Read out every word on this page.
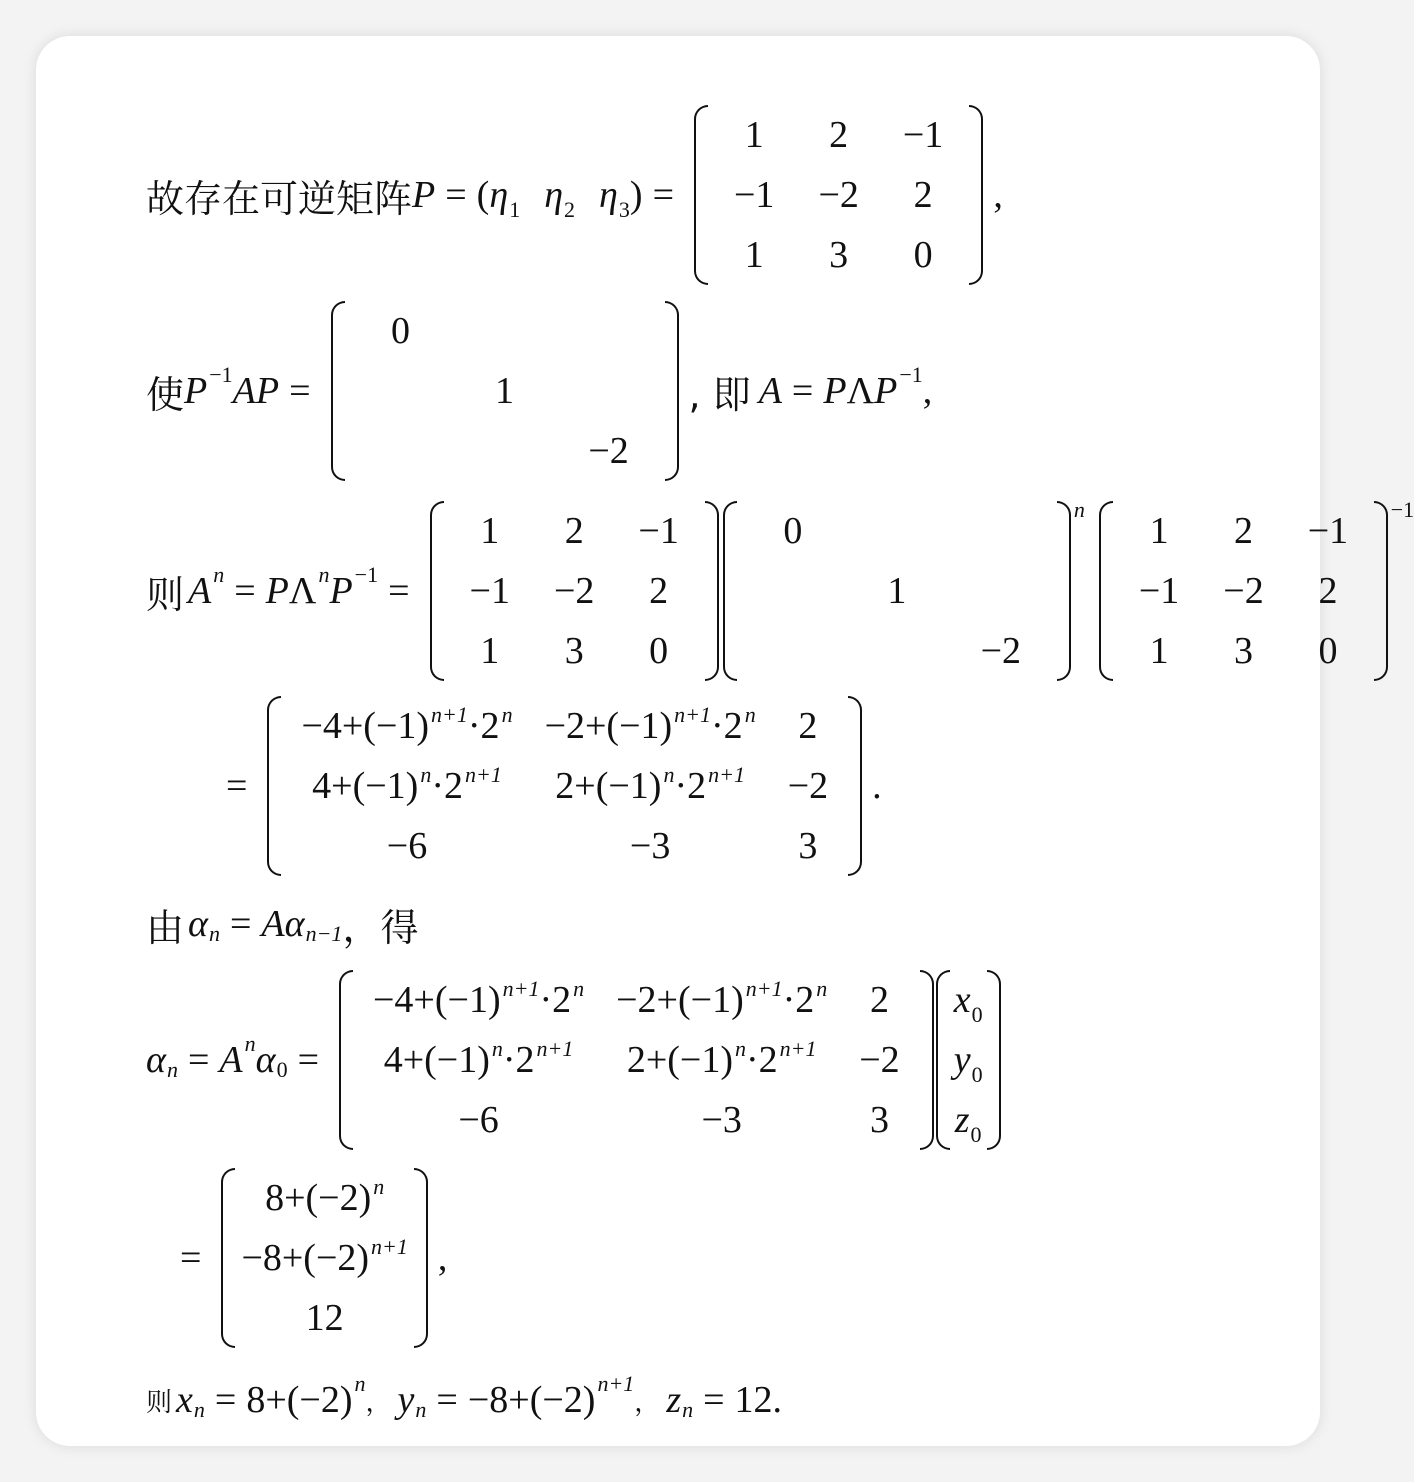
故存在可逆矩阵 $P = (\eta_1$ $\eta_2$ $\eta_3$) =
1	2	−1
−1	−2	2
1	3	0
,
使 P −1 AP =
0		
	1	
		−2
, 即 A = P Λ P −1 ,
则 A n = P Λ n P −1 =
1	2	−1
−1	−2	2
1	3	0
0		
	1	
		−2
n
1	2	−1
−1	−2	2
1	3	0
−1
=
$-4+(-1)^{n+1}\cdot 2^n$	$-2+(-1)^{n+1}\cdot 2^n$	2
$4+(-1)^n\cdot 2^{n+1}$	$2+(-1)^n\cdot 2^{n+1}$	−2
−6	−3	3
.
由 α n = Aα n−1 ，得
α n = A n α 0 =
$-4+(-1)^{n+1}\cdot 2^n$	$-2+(-1)^{n+1}\cdot 2^n$	2
$4+(-1)^n\cdot 2^{n+1}$	$2+(-1)^n\cdot 2^{n+1}$	−2
−6	−3	3
$x_0$
$y_0$
$z_0$
=
$8+(-2)^n$
$-8+(-2)^{n+1}$
12
,
则 x n = 8+(−2) n
， y n = −8+(−2) n+1
， z n = 12 .
